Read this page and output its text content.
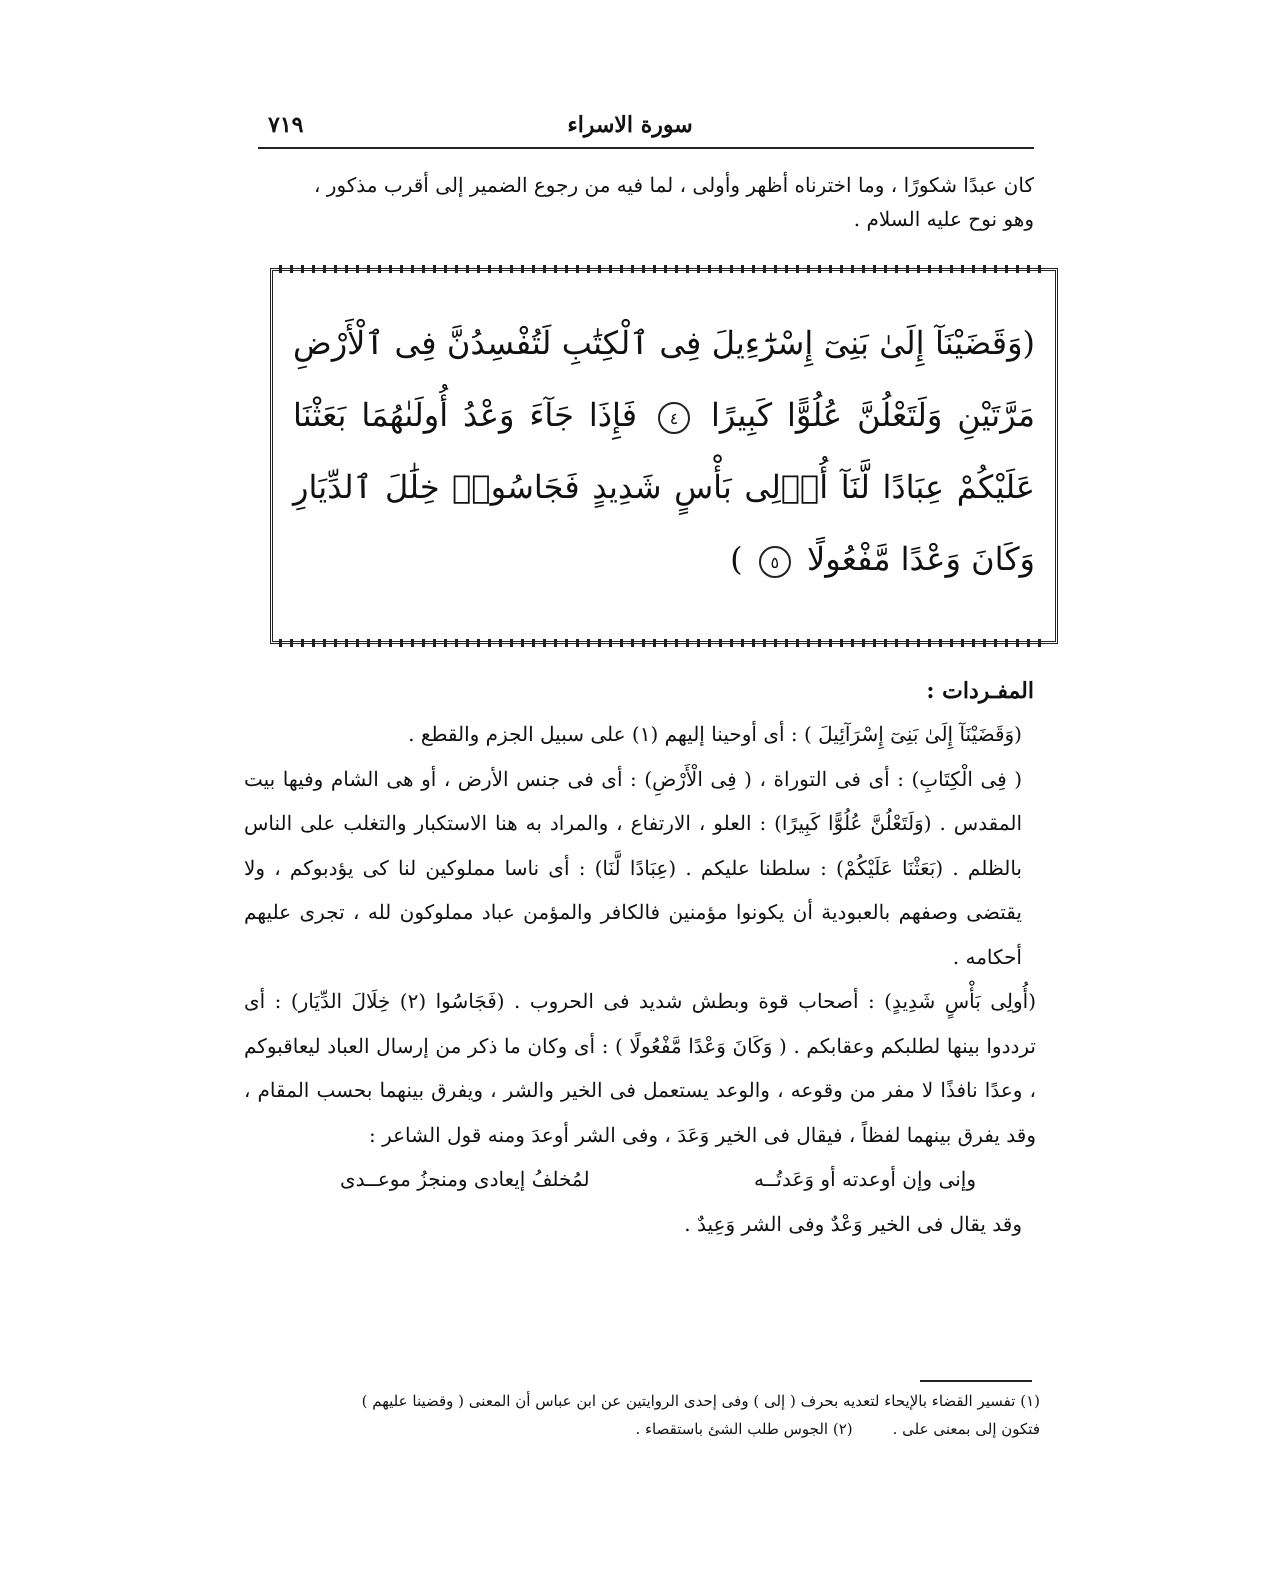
٧١٩	سورة الاسراء

كان عبدًا شكورًا ، وما اخترناه أظهر وأولى ، لما فيه من رجوع الضمير إلى أقرب مذكور ،

وهو نوح عليه السلام .

(وَقَضَيْنَآ إِلَىٰ بَنِىٓ إِسْرَٰٓءِيلَ فِى ٱلْكِتَٰبِ لَتُفْسِدُنَّ فِى ٱلْأَرْضِ مَرَّتَيْنِ وَلَتَعْلُنَّ عُلُوًّا كَبِيرًا ٤ فَإِذَا جَآءَ وَعْدُ أُولَىٰهُمَا بَعَثْنَا عَلَيْكُمْ عِبَادًا لَّنَآ أُو۟لِى بَأْسٍ شَدِيدٍ فَجَاسُوا۟ خِلَٰلَ ٱلدِّيَارِ وَكَانَ وَعْدًا مَّفْعُولًا ٥ )
المفـردات :

(وَقَضَيْنَآ إِلَىٰ بَنِىٓ إِسْرَآئِيلَ ) : أى أوحينا إليهم (١) على سبيل الجزم والقطع .

( فِى الْكِتَابِ) : أى فى التوراة ، ( فِى الْأَرْضِ) : أى فى جنس الأرض ، أو هى الشام وفيها بيت المقدس . (وَلَتَعْلُنَّ عُلُوًّا كَبِيرًا) : العلو ، الارتفاع ، والمراد به هنا الاستكبار والتغلب على الناس بالظلم . (بَعَثْنَا عَلَيْكُمْ) : سلطنا عليكم . (عِبَادًا لَّنَا) : أى ناسا مملوكين لنا كى يؤدبوكم ، ولا يقتضى وصفهم بالعبودية أن يكونوا مؤمنين فالكافر والمؤمن عباد مملوكون لله ، تجرى عليهم أحكامه .

(أُولِى بَأْسٍ شَدِيدٍ) : أصحاب قوة وبطش شديد فى الحروب . (فَجَاسُوا (٢) خِلَالَ الدِّيَار) : أى ترددوا بينها لطلبكم وعقابكم . ( وَكَانَ وَعْدًا مَّفْعُولًا ) : أى وكان ما ذكر من إرسال العباد ليعاقبوكم ، وعدًا نافذًا لا مفر من وقوعه ، والوعد يستعمل فى الخير والشر ، ويفرق بينهما بحسب المقام ، وقد يفرق بينهما لفظاً ، فيقال فى الخير وَعَدَ ، وفى الشر أوعدَ ومنه قول الشاعر :

وإنى وإن أوعدته أو وَعَدتُــه
لمُخلفُ إيعادى ومنجزُ موعــدى

وقد يقال فى الخير وَعْدٌ وفى الشر وَعِيدٌ .

(١) تفسير القضاء بالإيحاء لتعديه بحرف ( إلى ) وفى إحدى الروايتين عن ابن عباس أن المعنى ( وقضينا عليهم )

فتكون إلى بمعنى على .
(٢) الجوس طلب الشئ باستقصاء .
